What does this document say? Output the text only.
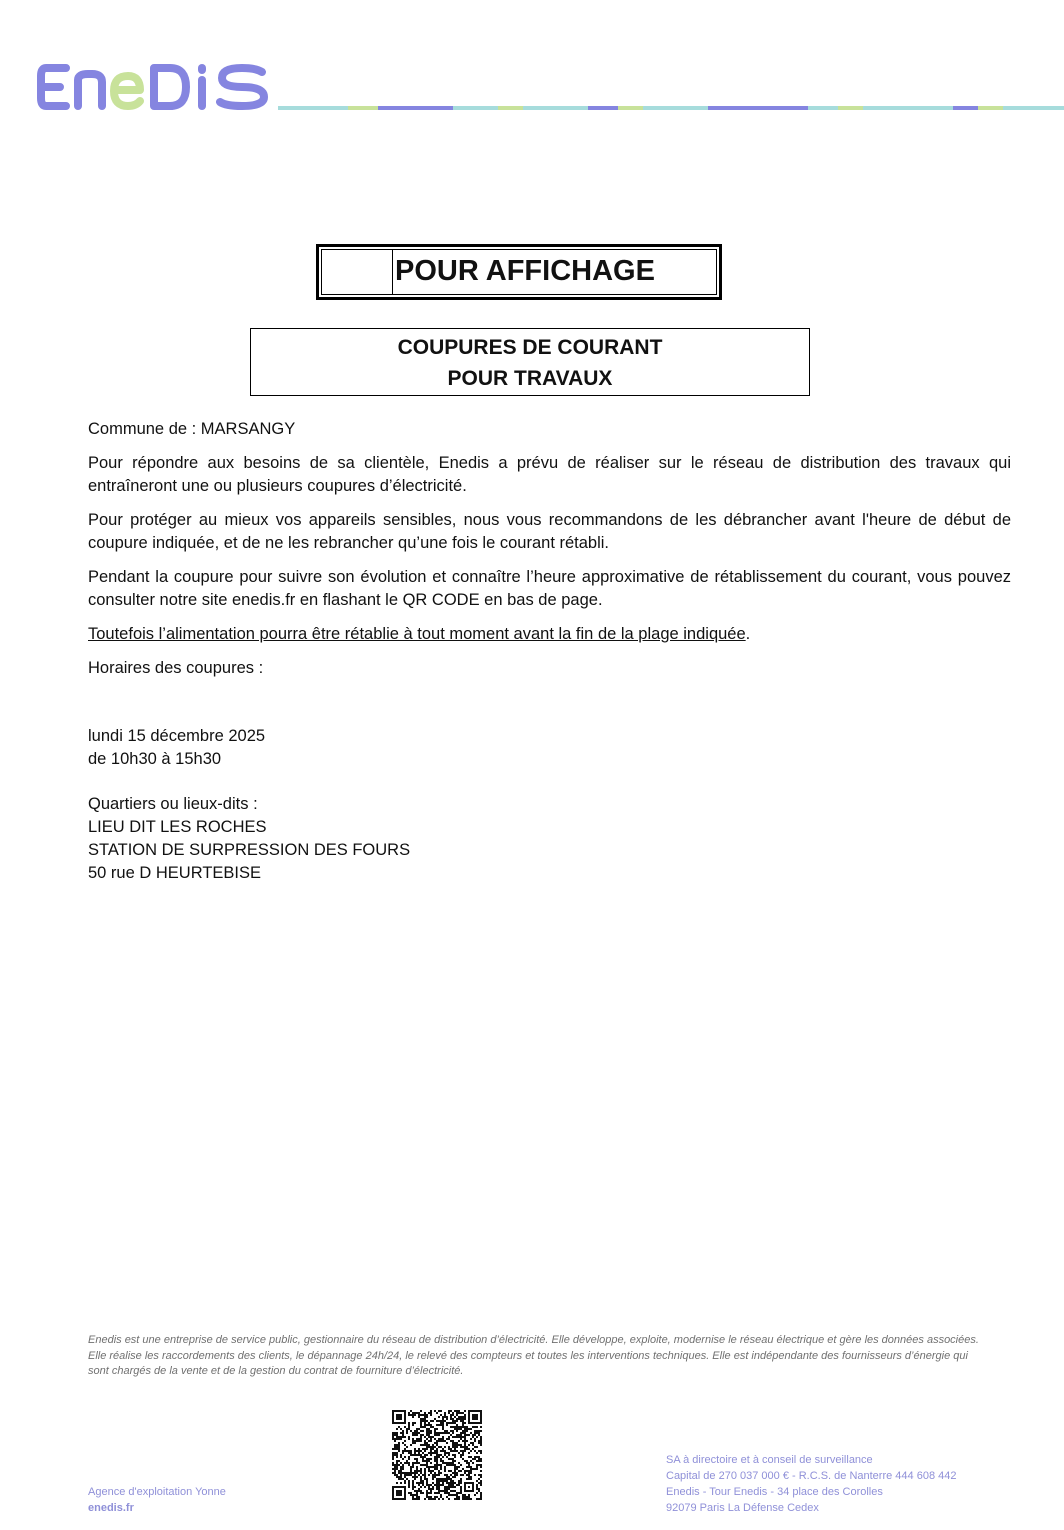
POUR AFFICHAGE
COUPURES DE COURANT
POUR TRAVAUX

Commune de : MARSANGY

Pour répondre aux besoins de sa clientèle, Enedis a prévu de réaliser sur le réseau de distribution des travaux qui entraîneront une ou plusieurs coupures d’électricité.

Pour protéger au mieux vos appareils sensibles, nous vous recommandons de les débrancher avant l'heure de début de coupure indiquée, et de ne les rebrancher qu’une fois le courant rétabli.

Pendant la coupure pour suivre son évolution et connaître l’heure approximative de rétablissement du courant, vous pouvez consulter notre site enedis.fr en flashant le QR CODE en bas de page.

Toutefois l’alimentation pourra être rétablie à tout moment avant la fin de la plage indiquée.

Horaires des coupures :

lundi 15 décembre 2025
de 10h30 à 15h30
Quartiers ou lieux-dits :
LIEU DIT LES ROCHES
STATION DE SURPRESSION DES FOURS
50 rue D HEURTEBISE
Enedis est une entreprise de service public, gestionnaire du réseau de distribution d’électricité. Elle développe, exploite, modernise le réseau électrique et gère les données associées. Elle réalise les raccordements des clients, le dépannage 24h/24, le relevé des compteurs et toutes les interventions techniques. Elle est indépendante des fournisseurs d’énergie qui sont chargés de la vente et de la gestion du contrat de fourniture d’électricité.
Agence d'exploitation Yonne
enedis.fr
SA à directoire et à conseil de surveillance
Capital de 270 037 000 € - R.C.S. de Nanterre 444 608 442
Enedis - Tour Enedis - 34 place des Corolles
92079 Paris La Défense Cedex
